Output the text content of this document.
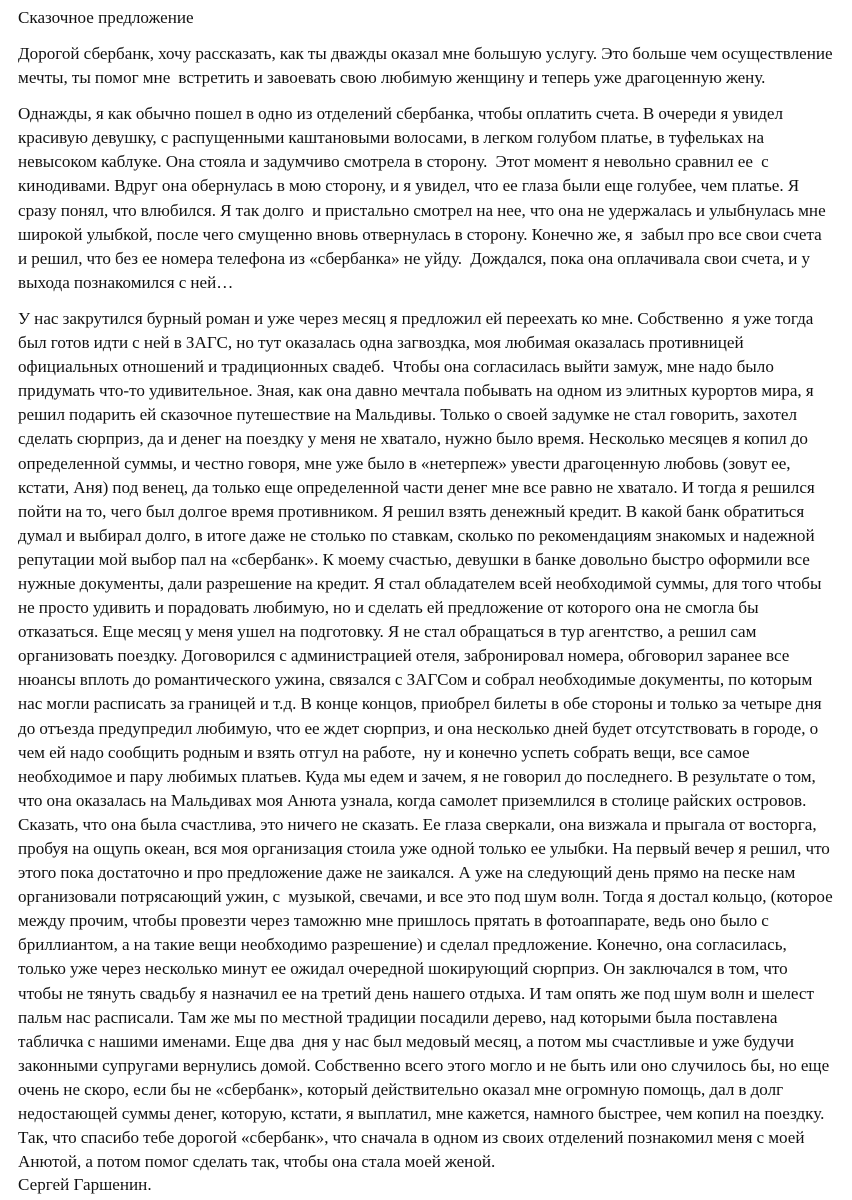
Сказочное предложение

Дорогой сбербанк, хочу рассказать, как ты дважды оказал мне большую услугу. Это больше чем осуществление мечты, ты помог мне  встретить и завоевать свою любимую женщину и теперь уже драгоценную жену.

Однажды, я как обычно пошел в одно из отделений сбербанка, чтобы оплатить счета. В очереди я увидел красивую девушку, с распущенными каштановыми волосами, в легком голубом платье, в туфельках на невысоком каблуке. Она стояла и задумчиво смотрела в сторону.  Этот момент я невольно сравнил ее  с кинодивами. Вдруг она обернулась в мою сторону, и я увидел, что ее глаза были еще голубее, чем платье. Я сразу понял, что влюбился. Я так долго  и пристально смотрел на нее, что она не удержалась и улыбнулась мне широкой улыбкой, после чего смущенно вновь отвернулась в сторону. Конечно же, я  забыл про все свои счета и решил, что без ее номера телефона из «сбербанка» не уйду.  Дождался, пока она оплачивала свои счета, и у выхода познакомился с ней…

У нас закрутился бурный роман и уже через месяц я предложил ей переехать ко мне. Собственно  я уже тогда был готов идти с ней в ЗАГС, но тут оказалась одна загвоздка, моя любимая оказалась противницей официальных отношений и традиционных свадеб.  Чтобы она согласилась выйти замуж, мне надо было придумать что-то удивительное. Зная, как она давно мечтала побывать на одном из элитных курортов мира, я решил подарить ей сказочное путешествие на Мальдивы. Только о своей задумке не стал говорить, захотел сделать сюрприз, да и денег на поездку у меня не хватало, нужно было время. Несколько месяцев я копил до определенной суммы, и честно говоря, мне уже было в «нетерпеж» увести драгоценную любовь (зовут ее, кстати, Аня) под венец, да только еще определенной части денег мне все равно не хватало. И тогда я решился пойти на то, чего был долгое время противником. Я решил взять денежный кредит. В какой банк обратиться думал и выбирал долго, в итоге даже не столько по ставкам, сколько по рекомендациям знакомых и надежной репутации мой выбор пал на «сбербанк». К моему счастью, девушки в банке довольно быстро оформили все нужные документы, дали разрешение на кредит. Я стал обладателем всей необходимой суммы, для того чтобы не просто удивить и порадовать любимую, но и сделать ей предложение от которого она не смогла бы отказаться. Еще месяц у меня ушел на подготовку. Я не стал обращаться в тур агентство, а решил сам организовать поездку. Договорился с администрацией отеля, забронировал номера, обговорил заранее все нюансы вплоть до романтического ужина, связался с ЗАГСом и собрал необходимые документы, по которым нас могли расписать за границей и т.д. В конце концов, приобрел билеты в обе стороны и только за четыре дня  до отъезда предупредил любимую, что ее ждет сюрприз, и она несколько дней будет отсутствовать в городе, о чем ей надо сообщить родным и взять отгул на работе,  ну и конечно успеть собрать вещи, все самое необходимое и пару любимых платьев. Куда мы едем и зачем, я не говорил до последнего. В результате о том, что она оказалась на Мальдивах моя Анюта узнала, когда самолет приземлился в столице райских островов. Сказать, что она была счастлива, это ничего не сказать. Ее глаза сверкали, она визжала и прыгала от восторга, пробуя на ощупь океан, вся моя организация стоила уже одной только ее улыбки. На первый вечер я решил, что этого пока достаточно и про предложение даже не заикался. А уже на следующий день прямо на песке нам организовали потрясающий ужин, с  музыкой, свечами, и все это под шум волн. Тогда я достал кольцо, (которое между прочим, чтобы провезти через таможню мне пришлось прятать в фотоаппарате, ведь оно было с бриллиантом, а на такие вещи необходимо разрешение) и сделал предложение. Конечно, она согласилась, только уже через несколько минут ее ожидал очередной шокирующий сюрприз. Он заключался в том, что чтобы не тянуть свадьбу я назначил ее на третий день нашего отдыха. И там опять же под шум волн и шелест пальм нас расписали. Там же мы по местной традиции посадили дерево, над которыми была поставлена табличка с нашими именами. Еще два  дня у нас был медовый месяц, а потом мы счастливые и уже будучи законными супругами вернулись домой. Собственно всего этого могло и не быть или оно случилось бы, но еще очень не скоро, если бы не «сбербанк», который действительно оказал мне огромную помощь, дал в долг недостающей суммы денег, которую, кстати, я выплатил, мне кажется, намного быстрее, чем копил на поездку. Так, что спасибо тебе дорогой «сбербанк», что сначала в одном из своих отделений познакомил меня с моей Анютой, а потом помог сделать так, чтобы она стала моей женой.

Сергей Гаршенин.
